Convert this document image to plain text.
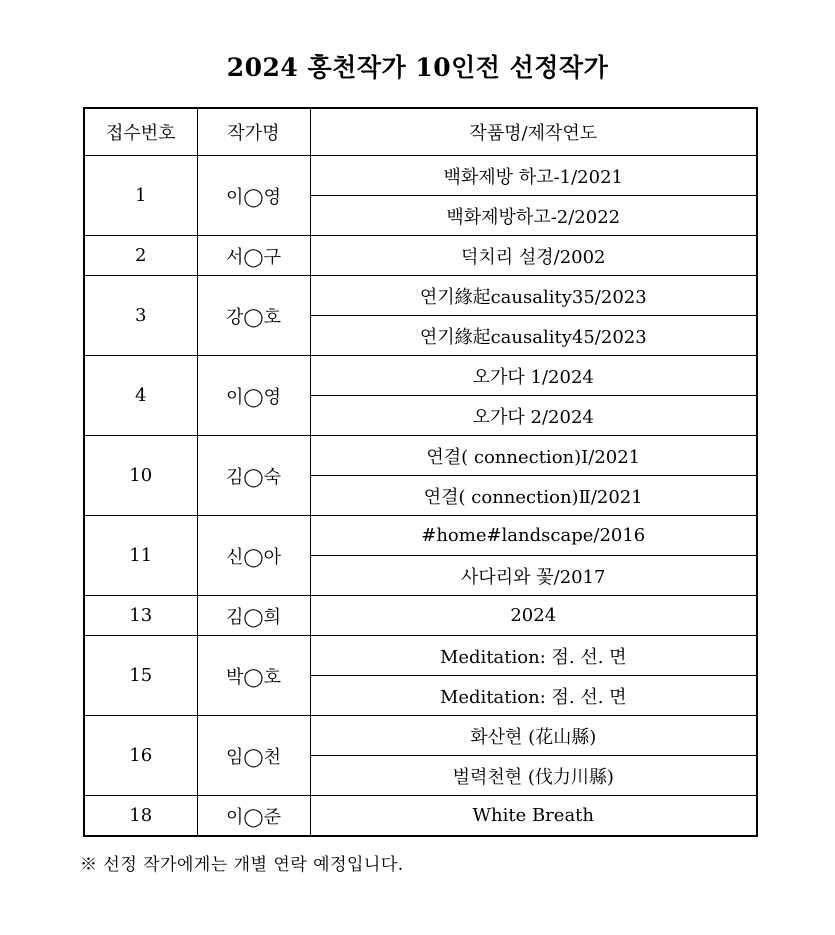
2024 홍천작가 10인전 선정작가
접수번호	작가명	작품명/제작연도
1	이◯영	백화제방 하고-1/2021
		백화제방하고-2/2022
2	서◯구	덕치리 설경/2002
3	강◯호	연기緣起causality35/2023
		연기緣起causality45/2023
4	이◯영	오가다 1/2024
		오가다 2/2024
10	김◯숙	연결( connection)Ⅰ/2021
		연결( connection)Ⅱ/2021
11	신◯아	#home#landscape/2016
		사다리와 꽃/2017
13	김◯희	2024
15	박◯호	Meditation: 점. 선. 면
		Meditation: 점. 선. 면
16	임◯천	화산현 (花山縣)
		벌력천현 (伐力川縣)
18	이◯준	White Breath
※ 선정 작가에게는 개별 연락 예정입니다.
